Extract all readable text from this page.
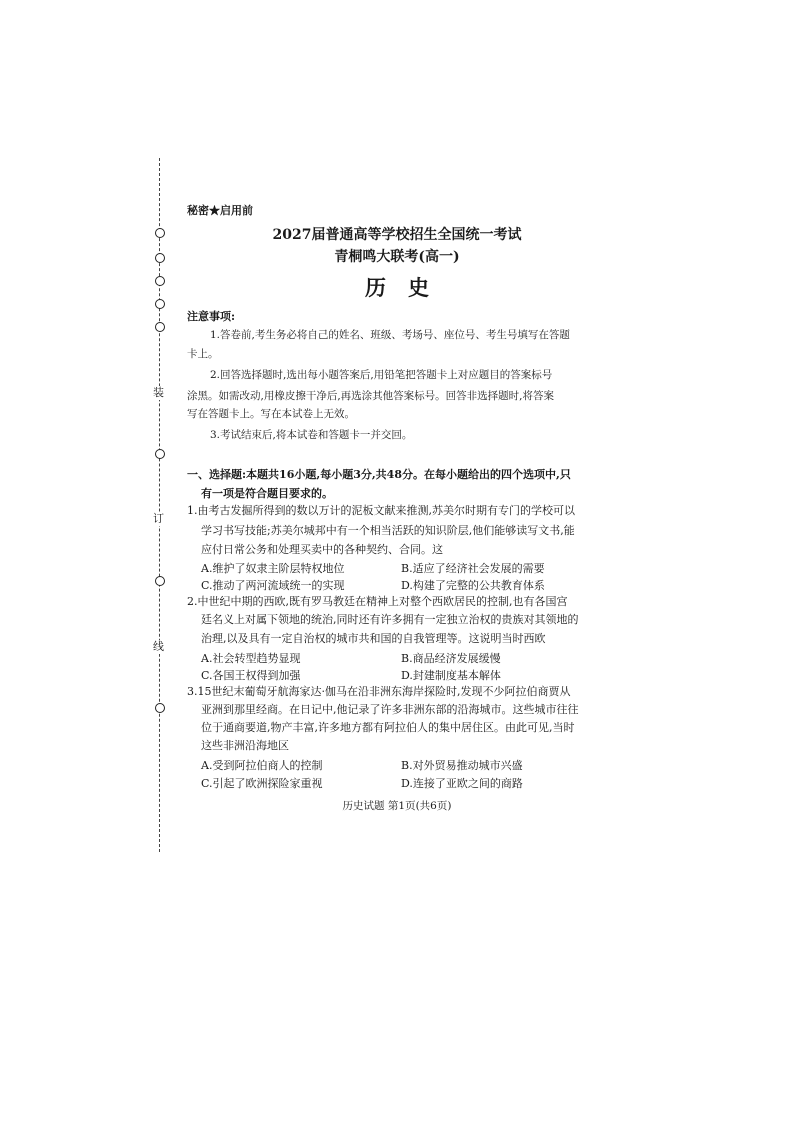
装
订
线
秘密★启用前
2027届普通高等学校招生全国统一考试
青桐鸣大联考(高一)
历史
注意事项:
1.答卷前,考生务必将自己的姓名、班级、考场号、座位号、考生号填写在答题
卡上。
2.回答选择题时,选出每小题答案后,用铅笔把答题卡上对应题目的答案标号
涂黑。如需改动,用橡皮擦干净后,再选涂其他答案标号。回答非选择题时,将答案
写在答题卡上。写在本试卷上无效。
3.考试结束后,将本试卷和答题卡一并交回。
一、选择题:本题共16小题,每小题3分,共48分。在每小题给出的四个选项中,只
有一项是符合题目要求的。
1.由考古发掘所得到的数以万计的泥板文献来推测,苏美尔时期有专门的学校可以
学习书写技能;苏美尔城邦中有一个相当活跃的知识阶层,他们能够读写文书,能
应付日常公务和处理买卖中的各种契约、合同。这
A.维护了奴隶主阶层特权地位	B.适应了经济社会发展的需要
C.推动了两河流域统一的实现	D.构建了完整的公共教育体系
2.中世纪中期的西欧,既有罗马教廷在精神上对整个西欧居民的控制,也有各国宫
廷名义上对属下领地的统治,同时还有许多拥有一定独立治权的贵族对其领地的
治理,以及具有一定自治权的城市共和国的自我管理等。这说明当时西欧
A.社会转型趋势显现	B.商品经济发展缓慢
C.各国王权得到加强	D.封建制度基本解体
3.15世纪末葡萄牙航海家达·伽马在沿非洲东海岸探险时,发现不少阿拉伯商贾从
亚洲到那里经商。在日记中,他记录了许多非洲东部的沿海城市。这些城市往往
位于通商要道,物产丰富,许多地方都有阿拉伯人的集中居住区。由此可见,当时
这些非洲沿海地区
A.受到阿拉伯商人的控制	B.对外贸易推动城市兴盛
C.引起了欧洲探险家重视	D.连接了亚欧之间的商路
历史试题 第1页(共6页)
